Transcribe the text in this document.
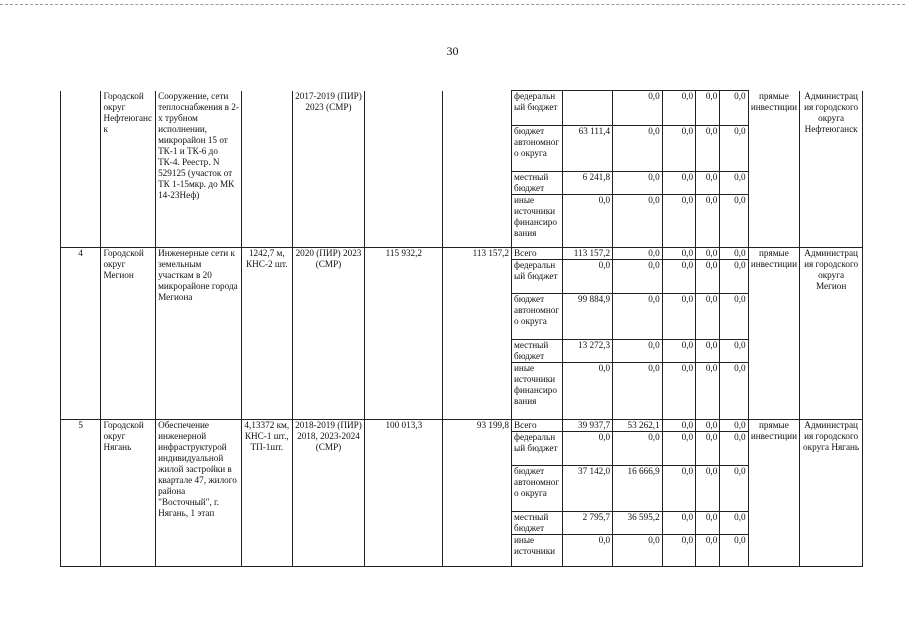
30
	Городской округ Нефтеюганск	Сооружение, сети теплоснабжения в 2-х трубном исполнении, микрорайон 15 от ТК-1 и ТК-6 до ТК-4. Реестр. N 529125 (участок от ТК 1-15мкр. до МК 14-23Неф)		2017-2019 (ПИР) 2023 (СМР)			федеральный бюджет		0,0	0,0	0,0	0,0	прямые инвестиции	Администрация городского округа Нефтеюганск
							бюджет автономного округа	63 111,4	0,0	0,0	0,0	0,0		
							местный бюджет	6 241,8	0,0	0,0	0,0	0,0		
							иные источники финансирования	0,0	0,0	0,0	0,0	0,0		
4	Городской округ Мегион	Инженерные сети к земельным участкам в 20 микрорайоне города Мегиона	1242,7 м, КНС-2 шт.	2020 (ПИР) 2023 (СМР)	115 932,2	113 157,2	Всего	113 157,2	0,0	0,0	0,0	0,0	прямые инвестиции	Администрация городского округа Мегион
							федеральный бюджет	0,0	0,0	0,0	0,0	0,0		
							бюджет автономного округа	99 884,9	0,0	0,0	0,0	0,0		
							местный бюджет	13 272,3	0,0	0,0	0,0	0,0		
							иные источники финансирования	0,0	0,0	0,0	0,0	0,0		
5	Городской округ Нягань	Обеспечение инженерной инфраструктурой индивидуальной жилой застройки в квартале 47, жилого района "Восточный", г. Нягань, 1 этап	4,13372 км, КНС-1 шт., ТП-1шт.	2018-2019 (ПИР) 2018, 2023-2024 (СМР)	100 013,3	93 199,8	Всего	39 937,7	53 262,1	0,0	0,0	0,0	прямые инвестиции	Администрация городского округа Нягань
							федеральный бюджет	0,0	0,0	0,0	0,0	0,0		
							бюджет автономного округа	37 142,0	16 666,9	0,0	0,0	0,0		
							местный бюджет	2 795,7	36 595,2	0,0	0,0	0,0		
							иные источники	0,0	0,0	0,0	0,0	0,0		
